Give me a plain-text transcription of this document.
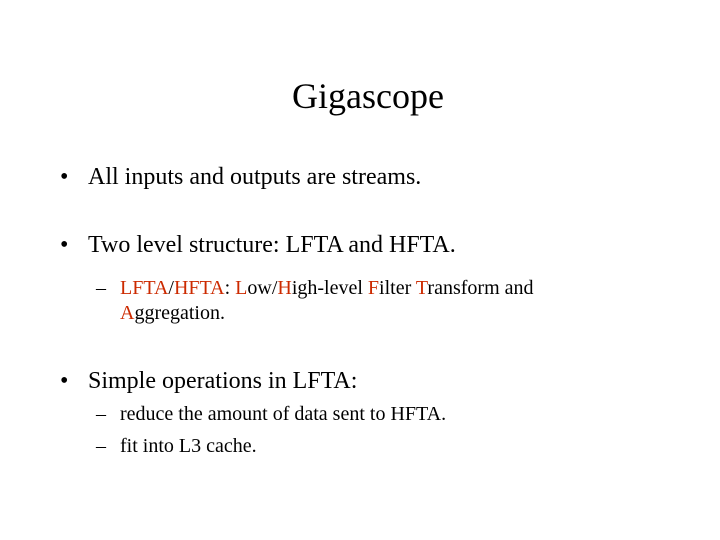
Gigascope
• All inputs and outputs are streams.
• Two level structure: LFTA and HFTA.
– LFTA/HFTA: Low/High-level Filter Transform and
Aggregation.
• Simple operations in LFTA:
– reduce the amount of data sent to HFTA.
– fit into L3 cache.
